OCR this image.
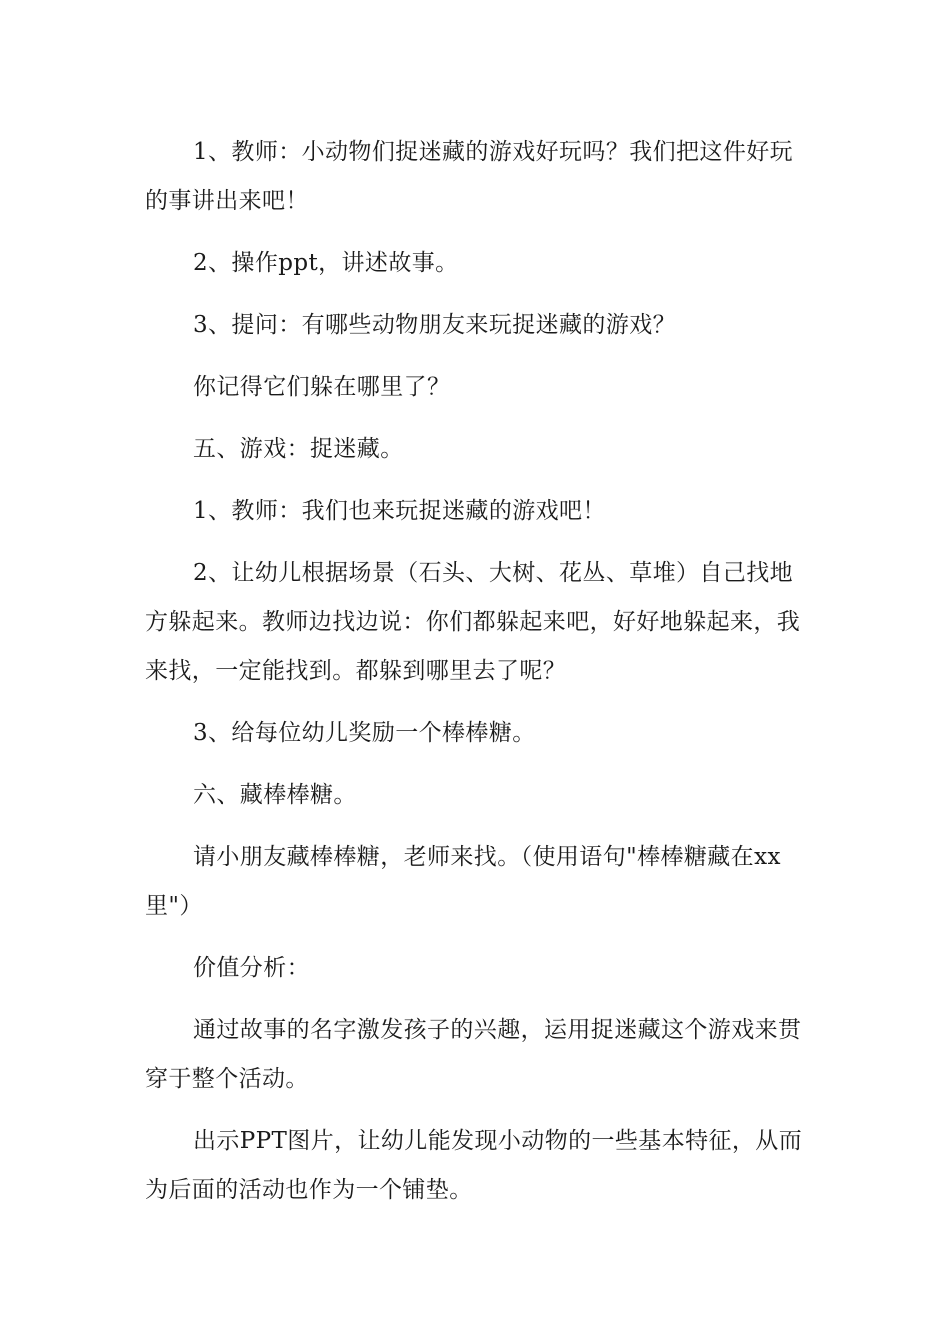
1、教师：小动物们捉迷藏的游戏好玩吗？我们把这件好玩的事讲出来吧！

2、操作ppt，讲述故事。

3、提问：有哪些动物朋友来玩捉迷藏的游戏？

你记得它们躲在哪里了？

五、游戏：捉迷藏。

1、教师：我们也来玩捉迷藏的游戏吧！

2、让幼儿根据场景（石头、大树、花丛、草堆）自己找地方躲起来。教师边找边说：你们都躲起来吧，好好地躲起来，我来找，一定能找到。都躲到哪里去了呢？

3、给每位幼儿奖励一个棒棒糖。

六、藏棒棒糖。

请小朋友藏棒棒糖，老师来找。（使用语句"棒棒糖藏在xx里"）

价值分析：

通过故事的名字激发孩子的兴趣，运用捉迷藏这个游戏来贯穿于整个活动。

出示PPT图片，让幼儿能发现小动物的一些基本特征，从而为后面的活动也作为一个铺垫。
